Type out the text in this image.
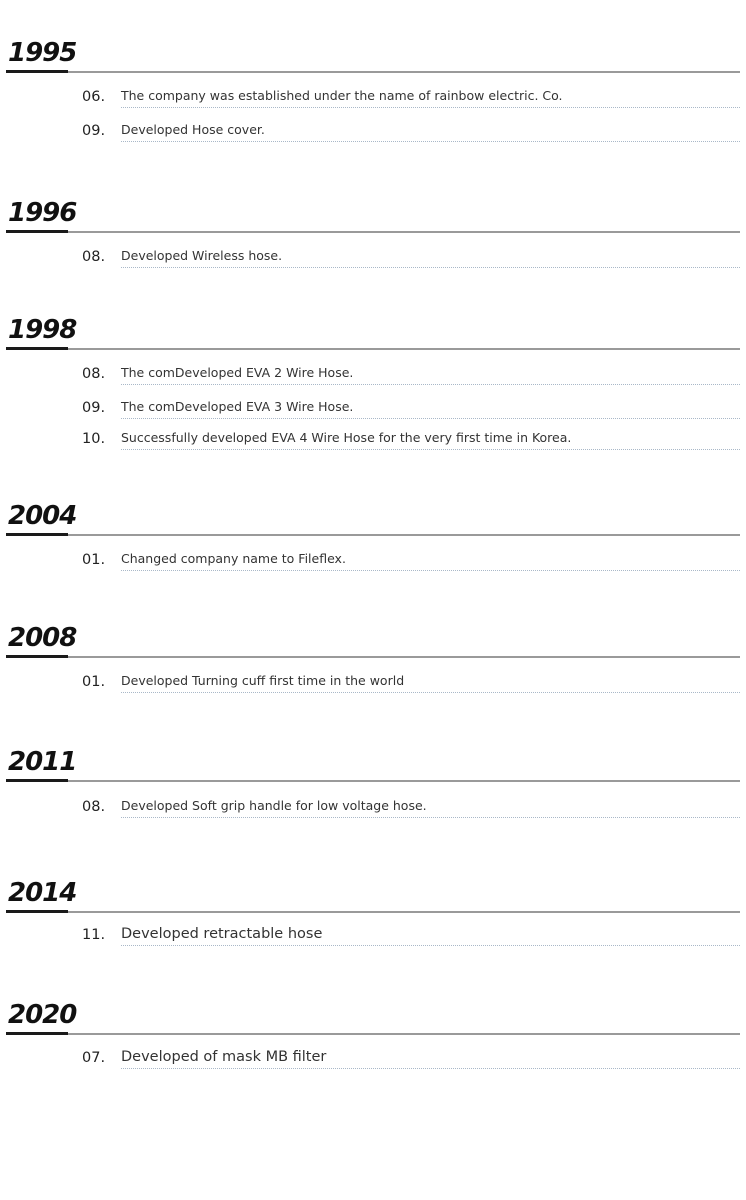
1995
06. The company was established under the name of rainbow electric. Co.
09. Developed Hose cover.
1996
08. Developed Wireless hose.
1998
08. The comDeveloped EVA 2 Wire Hose.
09. The comDeveloped EVA 3 Wire Hose.
10. Successfully developed EVA 4 Wire Hose for the very first time in Korea.
2004
01. Changed company name to Fileflex.
2008
01. Developed Turning cuff first time in the world
2011
08. Developed Soft grip handle for low voltage hose.
2014
11. Developed retractable hose
2020
07. Developed of mask MB filter
